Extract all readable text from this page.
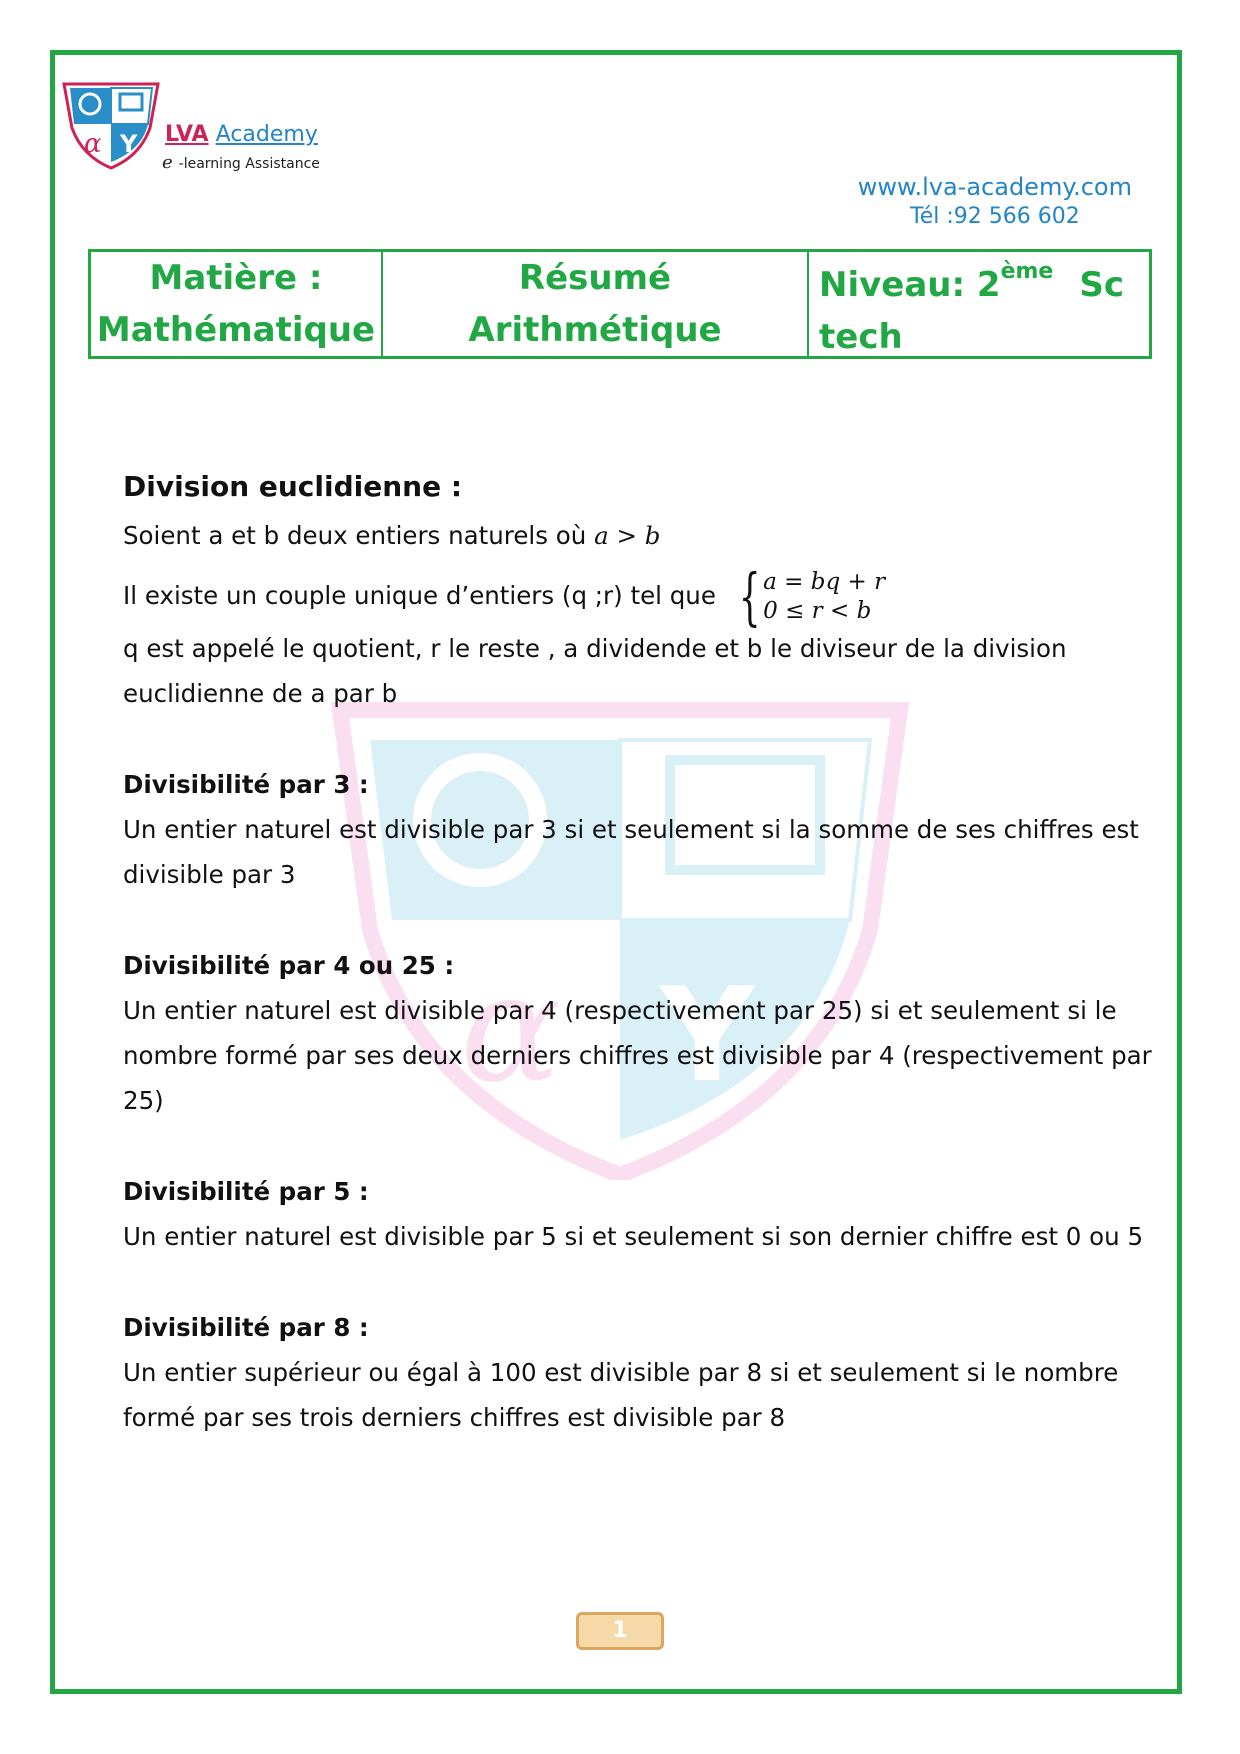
α Y LVA Academy
e -learning Assistance
www.lva-academy.com
Tél :92 566 602
Matière :
Mathématique
Résumé
Arithmétique
Niveau: 2ème Sc
tech
α Y
Division euclidienne :

Soient a et b deux entiers naturels où a > b

Il existe un couple unique d’entiers (q ;r) tel que { a = bq + r
0 ≤ r < b

q est appelé le quotient, r le reste , a dividende et b le diviseur de la division

euclidienne de a par b

Divisibilité par 3 :

Un entier naturel est divisible par 3 si et seulement si la somme de ses chiffres est

divisible par 3

Divisibilité par 4 ou 25 :

Un entier naturel est divisible par 4 (respectivement par 25) si et seulement si le

nombre formé par ses deux derniers chiffres est divisible par 4 (respectivement par

25)

Divisibilité par 5 :

Un entier naturel est divisible par 5 si et seulement si son dernier chiffre est 0 ou 5

Divisibilité par 8 :

Un entier supérieur ou égal à 100 est divisible par 8 si et seulement si le nombre

formé par ses trois derniers chiffres est divisible par 8

1
